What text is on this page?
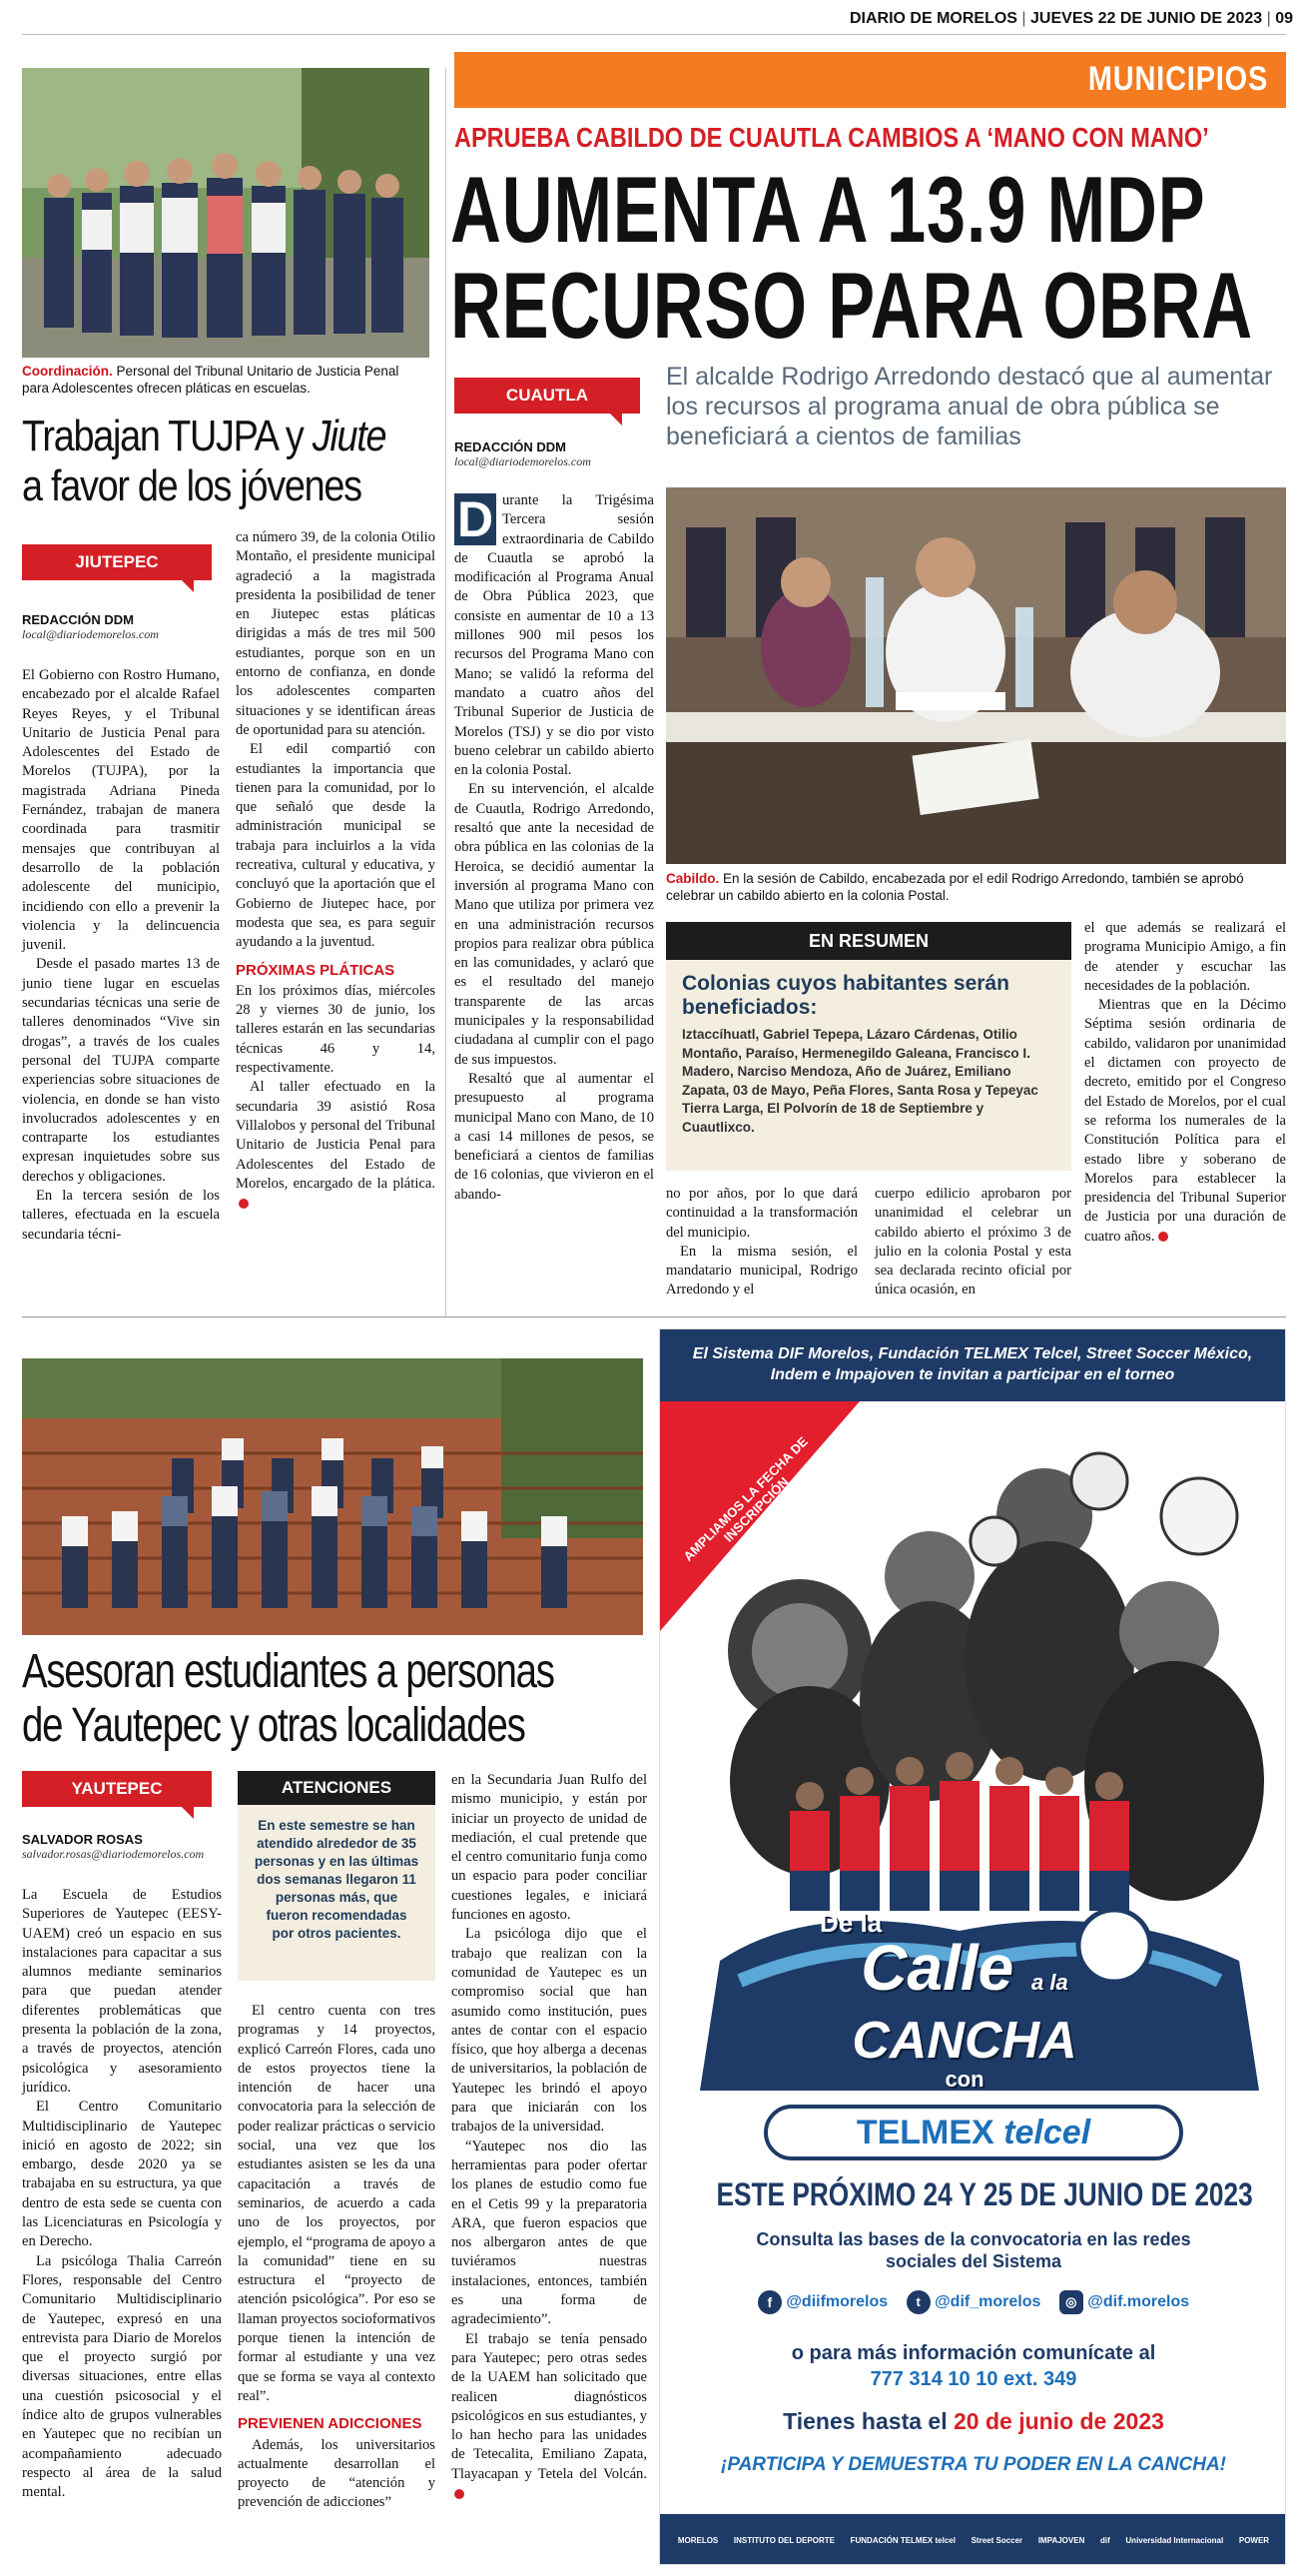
DIARIO DE MORELOS | JUEVES 22 DE JUNIO DE 2023 | 09
Coordinación. Personal del Tribunal Unitario de Justicia Penal para Adolescentes ofrecen pláticas en escuelas.
Trabajan TUJPA y Jiute
a favor de los jóvenes
JIUTEPEC
REDACCIÓN DDM
local@diariodemorelos.com

El Gobierno con Rostro Humano, encabezado por el alcalde Rafael Reyes Reyes, y el Tribunal Unitario de Justicia Penal para Adolescentes del Estado de Morelos (TUJPA), por la magistrada Adriana Pineda Fernández, trabajan de manera coordinada para trasmitir mensajes que contribuyan al desarrollo de la población adolescente del municipio, incidiendo con ello a prevenir la violencia y la delincuencia juvenil.

Desde el pasado martes 13 de junio tiene lugar en escuelas secundarias técnicas una serie de talleres denominados “Vive sin drogas”, a través de los cuales personal del TUJPA comparte experiencias sobre situaciones de violencia, en donde se han visto involucrados adolescentes y en contraparte los estudiantes expresan inquietudes sobre sus derechos y obligaciones.

En la tercera sesión de los talleres, efectuada en la escuela secundaria técni-

ca número 39, de la colonia Otilio Montaño, el presidente municipal agradeció a la magistrada presidenta la posibilidad de tener en Jiutepec estas pláticas dirigidas a más de tres mil 500 estudiantes, porque son en un entorno de confianza, en donde los adolescentes comparten situaciones y se identifican áreas de oportunidad para su atención.

El edil compartió con estudiantes la importancia que tienen para la comunidad, por lo que señaló que desde la administración municipal se trabaja para incluirlos a la vida recreativa, cultural y educativa, y concluyó que la aportación que el Gobierno de Jiutepec hace, por modesta que sea, es para seguir ayudando a la juventud.

PRÓXIMAS PLÁTICAS

En los próximos días, miércoles 28 y viernes 30 de junio, los talleres estarán en las secundarias técnicas 46 y 14, respectivamente.

Al taller efectuado en la secundaria 39 asistió Rosa Villalobos y personal del Tribunal Unitario de Justicia Penal para Adolescentes del Estado de Morelos, encargado de la plática.

MUNICIPIOS
APRUEBA CABILDO DE CUAUTLA CAMBIOS A ‘MANO CON MANO’
AUMENTA A 13.9 MDP
RECURSO PARA OBRA
CUAUTLA
REDACCIÓN DDM
local@diariodemorelos.com
El alcalde Rodrigo Arredondo destacó que al aumentar los recursos al programa anual de obra pública se beneficiará a cientos de familias
Cabildo. En la sesión de Cabildo, encabezada por el edil Rodrigo Arredondo, también se aprobó celebrar un cabildo abierto en la colonia Postal.
D urante la Trigésima Tercera sesión extraordinaria de Cabildo de Cuautla se aprobó la modificación al Programa Anual de Obra Pública 2023, que consiste en aumentar de 10 a 13 millones 900 mil pesos los recursos del Programa Mano con Mano; se validó la reforma del mandato a cuatro años del Tribunal Superior de Justicia de Morelos (TSJ) y se dio por visto bueno celebrar un cabildo abierto en la colonia Postal.

En su intervención, el alcalde de Cuautla, Rodrigo Arredondo, resaltó que ante la necesidad de obra pública en las colonias de la Heroica, se decidió aumentar la inversión al programa Mano con Mano que utiliza por primera vez en una administración recursos propios para realizar obra pública en las comunidades, y aclaró que es el resultado del manejo transparente de las arcas municipales y la responsabilidad ciudadana al cumplir con el pago de sus impuestos.

Resaltó que al aumentar el presupuesto al programa municipal Mano con Mano, de 10 a casi 14 millones de pesos, se beneficiará a cientos de familias de 16 colonias, que vivieron en el abando-

EN RESUMEN
Colonias cuyos habitantes serán beneficiados:
Iztaccíhuatl, Gabriel Tepepa, Lázaro Cárdenas, Otilio Montaño, Paraíso, Hermenegildo Galeana, Francisco I. Madero, Narciso Mendoza, Año de Juárez, Emiliano Zapata, 03 de Mayo, Peña Flores, Santa Rosa y Tepeyac Tierra Larga, El Polvorín de 18 de Septiembre y Cuautlixco.

no por años, por lo que dará continuidad a la transformación del municipio.

En la misma sesión, el mandatario municipal, Rodrigo Arredondo y el

cuerpo edilicio aprobaron por unanimidad el celebrar un cabildo abierto el próximo 3 de julio en la colonia Postal y esta sea declarada recinto oficial por única ocasión, en

el que además se realizará el programa Municipio Amigo, a fin de atender y escuchar las necesidades de la población.

Mientras que en la Décimo Séptima sesión ordinaria de cabildo, validaron por unanimidad el dictamen con proyecto de decreto, emitido por el Congreso del Estado de Morelos, por el cual se reforma los numerales de la Constitución Política para el estado libre y soberano de Morelos para establecer la presidencia del Tribunal Superior de Justicia por una duración de cuatro años.

Asesoran estudiantes a personas
de Yautepec y otras localidades
YAUTEPEC
SALVADOR ROSAS
salvador.rosas@diariodemorelos.com

La Escuela de Estudios Superiores de Yautepec (EESY-UAEM) creó un espacio en sus instalaciones para capacitar a sus alumnos mediante seminarios para que puedan atender diferentes problemáticas que presenta la población de la zona, a través de proyectos, atención psicológica y asesoramiento jurídico.

El Centro Comunitario Multidisciplinario de Yautepec inició en agosto de 2022; sin embargo, desde 2020 ya se trabajaba en su estructura, ya que dentro de esta sede se cuenta con las Licenciaturas en Psicología y en Derecho.

La psicóloga Thalia Carreón Flores, responsable del Centro Comunitario Multidisciplinario de Yautepec, expresó en una entrevista para Diario de Morelos que el proyecto surgió por diversas situaciones, entre ellas una cuestión psicosocial y el índice alto de grupos vulnerables en Yautepec que no recibían un acompañamiento adecuado respecto al área de la salud mental.

ATENCIONES
En este semestre se han atendido alrededor de 35 personas y en las últimas dos semanas llegaron 11 personas más, que fueron recomendadas por otros pacientes.

El centro cuenta con tres programas y 14 proyectos, explicó Carreón Flores, cada uno de estos proyectos tiene la intención de hacer una convocatoria para la selección de poder realizar prácticas o servicio social, una vez que los estudiantes asisten se les da una capacitación a través de seminarios, de acuerdo a cada uno de los proyectos, por ejemplo, el “programa de apoyo a la comunidad” tiene en su estructura el “proyecto de atención psicológica”. Por eso se llaman proyectos socioformativos porque tienen la intención de formar al estudiante y una vez que se forma se vaya al contexto real”.

PREVIENEN ADICCIONES

Además, los universitarios actualmente desarrollan el proyecto de “atención y prevención de adicciones”

en la Secundaria Juan Rulfo del mismo municipio, y están por iniciar un proyecto de unidad de mediación, el cual pretende que el centro comunitario funja como un espacio para poder conciliar cuestiones legales, e iniciará funciones en agosto.

La psicóloga dijo que el trabajo que realizan con la comunidad de Yautepec es un compromiso social que han asumido como institución, pues antes de contar con el espacio físico, que hoy alberga a decenas de universitarios, la población de Yautepec les brindó el apoyo para que iniciarán con los trabajos de la universidad.

“Yautepec nos dio las herramientas para poder ofertar los planes de estudio como fue en el Cetis 99 y la preparatoria ARA, que fueron espacios que nos albergaron antes de que tuviéramos nuestras instalaciones, entonces, también es una forma de agradecimiento”.

El trabajo se tenía pensado para Yautepec; pero otras sedes de la UAEM han solicitado que realicen diagnósticos psicológicos en sus estudiantes, y lo han hecho para las unidades de Tetecalita, Emiliano Zapata, Tlayacapan y Tetela del Volcán.

El Sistema DIF Morelos, Fundación TELMEX Telcel, Street Soccer México, Indem e Impajoven te invitan a participar en el torneo
AMPLIAMOS LA FECHA DE INSCRIPCIÓN
De la
Calle a la
CANCHA
con
TELMEX telcel
ESTE PRÓXIMO 24 Y 25 DE JUNIO DE 2023
Consulta las bases de la convocatoria en las redes sociales del Sistema
f @diifmorelos t @dif_morelos ◎ @dif.morelos
o para más información comunícate al
777 314 10 10 ext. 349
Tienes hasta el 20 de junio de 2023
¡PARTICIPA Y DEMUESTRA TU PODER EN LA CANCHA!
MORELOS INSTITUTO DEL DEPORTE FUNDACIÓN TELMEX telcel Street Soccer IMPAJOVEN dif Universidad Internacional POWER
